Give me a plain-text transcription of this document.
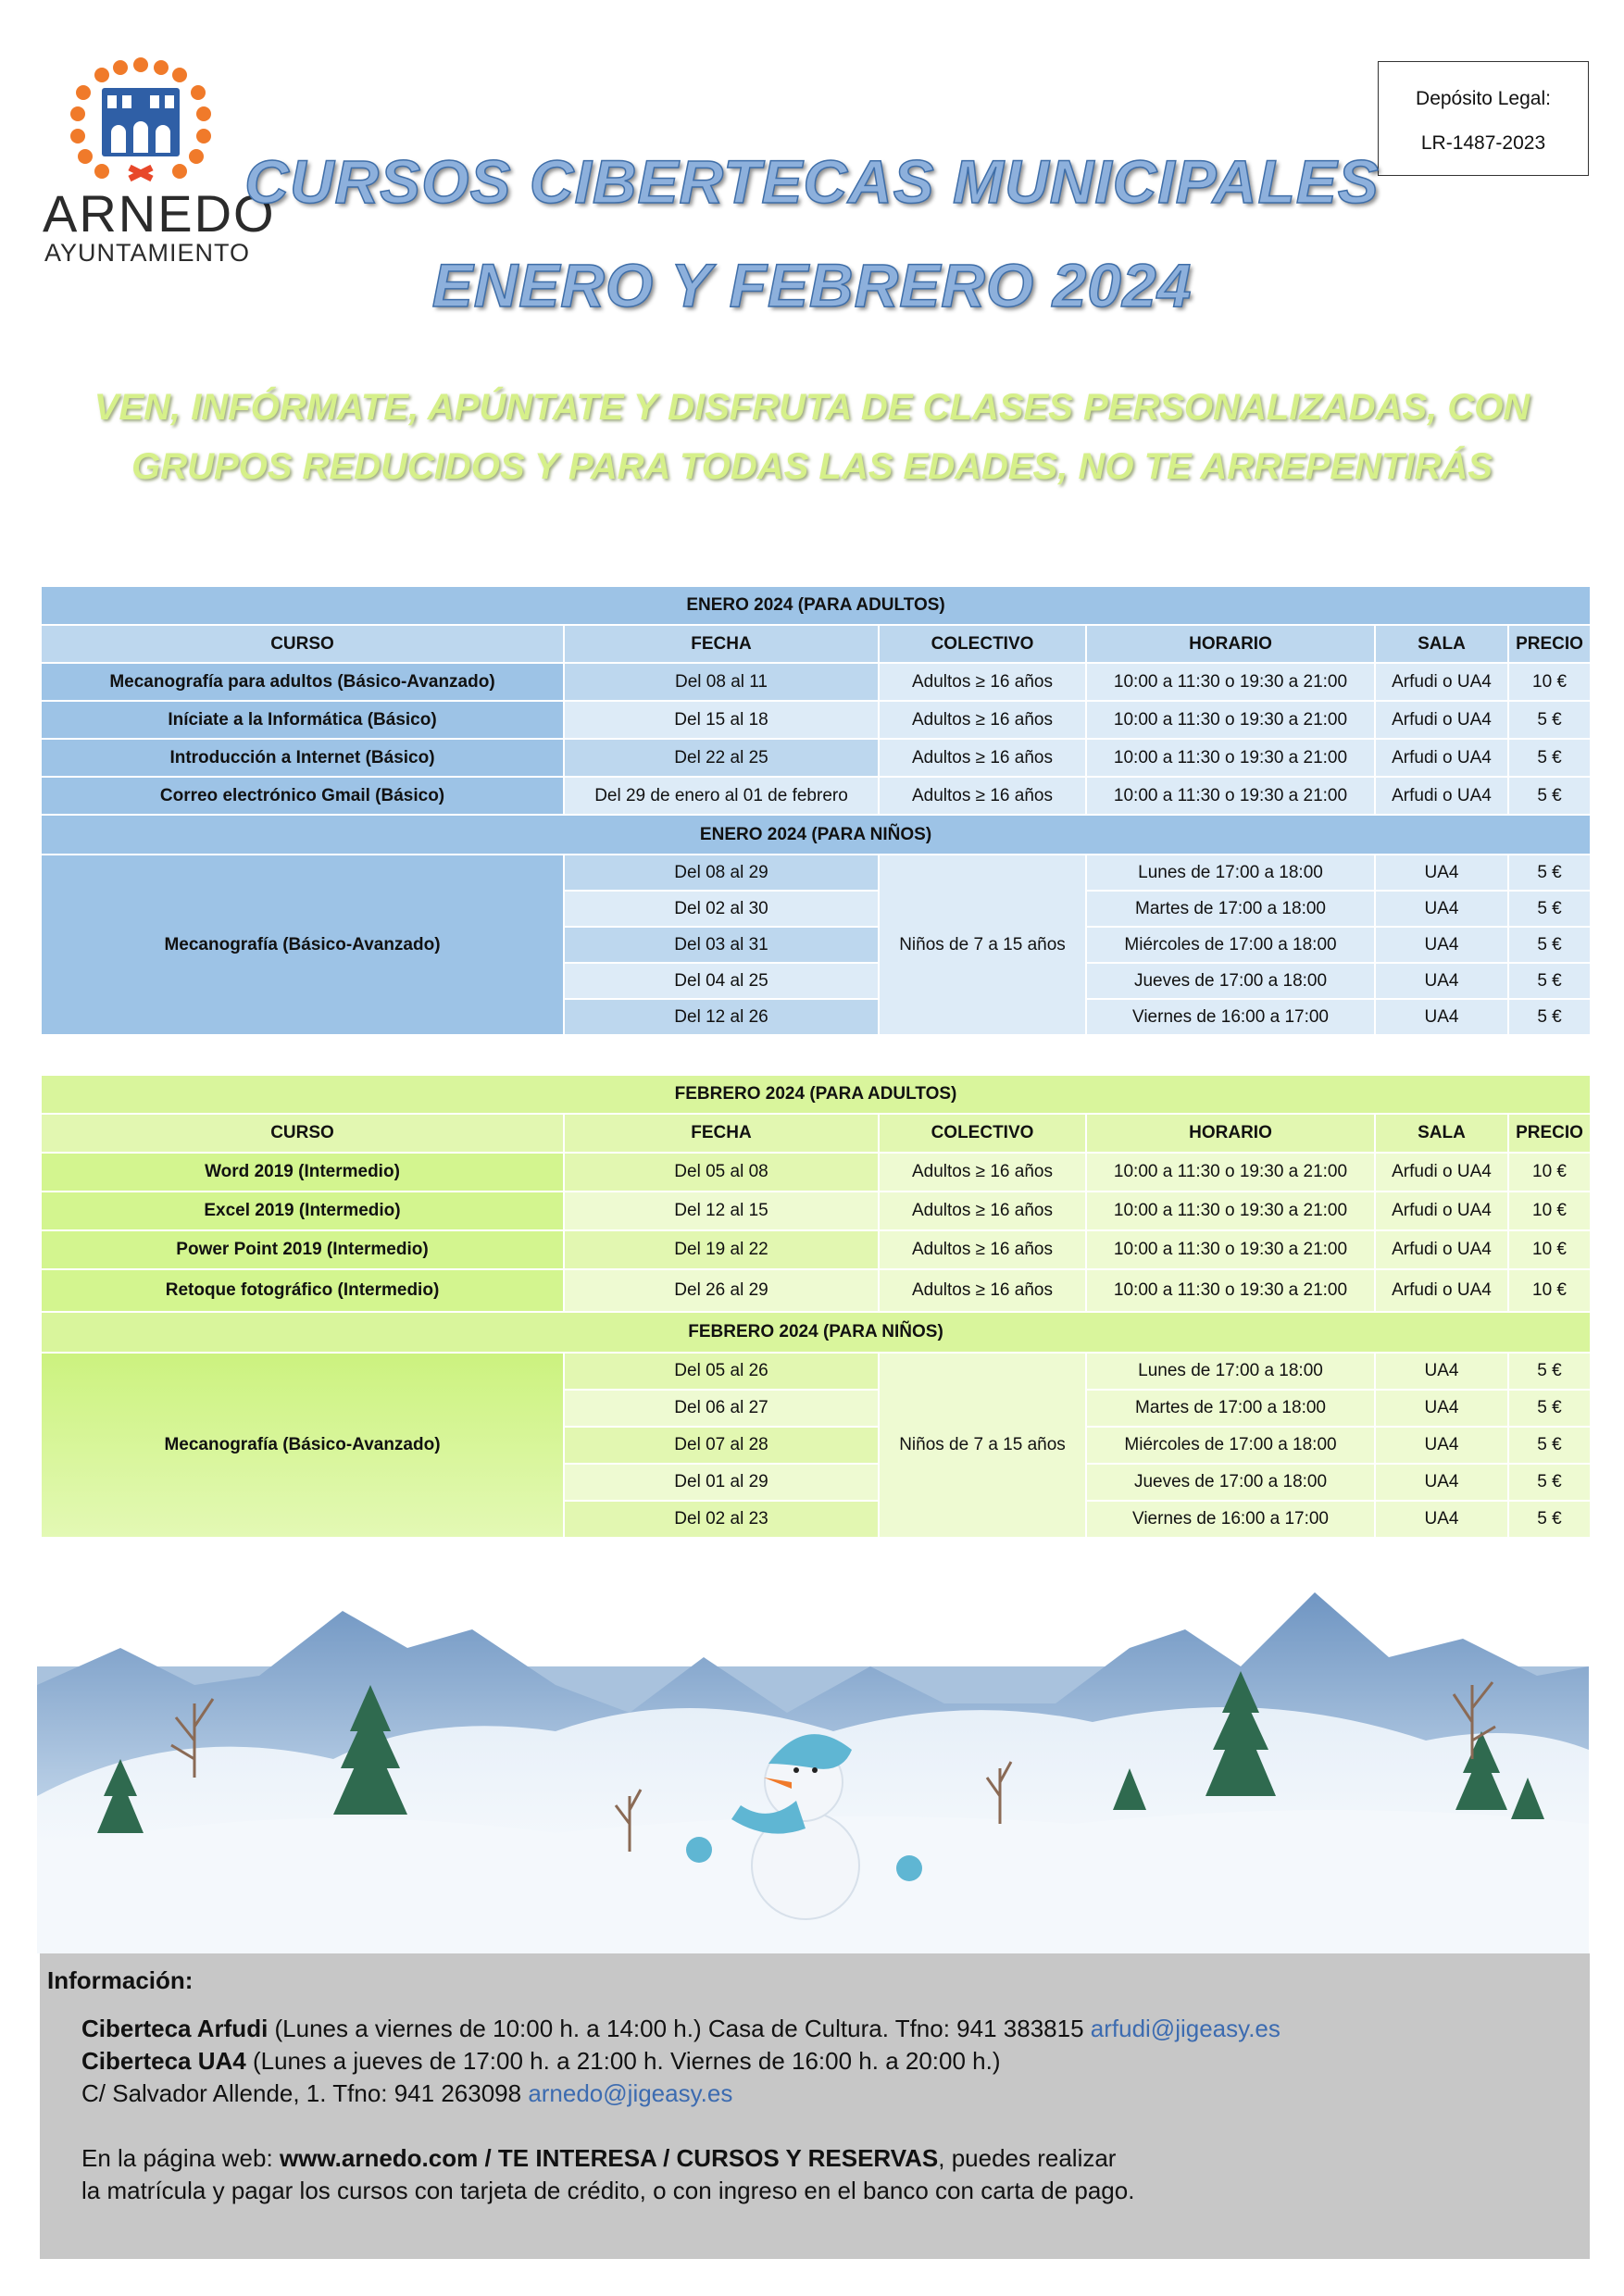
ARNEDO
AYUNTAMIENTO
Depósito Legal:
LR-1487-2023
CURSOS CIBERTECAS MUNICIPALES
ENERO Y FEBRERO 2024
VEN, INFÓRMATE, APÚNTATE Y DISFRUTA DE CLASES PERSONALIZADAS, CON
GRUPOS REDUCIDOS Y PARA TODAS LAS EDADES, NO TE ARREPENTIRÁS
ENERO 2024 (PARA ADULTOS)					
CURSO	FECHA	COLECTIVO	HORARIO	SALA	PRECIO
Mecanografía para adultos (Básico-Avanzado)	Del 08 al 11	Adultos ≥ 16 años	10:00 a 11:30 o 19:30 a 21:00	Arfudi o UA4	10 €
Iníciate a la Informática (Básico)	Del 15 al 18	Adultos ≥ 16 años	10:00 a 11:30 o 19:30 a 21:00	Arfudi o UA4	5 €
Introducción a Internet (Básico)	Del 22 al 25	Adultos ≥ 16 años	10:00 a 11:30 o 19:30 a 21:00	Arfudi o UA4	5 €
Correo electrónico Gmail (Básico)	Del 29 de enero al 01 de febrero	Adultos ≥ 16 años	10:00 a 11:30 o 19:30 a 21:00	Arfudi o UA4	5 €
ENERO 2024 (PARA NIÑOS)					
Mecanografía (Básico-Avanzado)	Del 08 al 29	Niños de 7 a 15 años	Lunes de 17:00 a 18:00	UA4	5 €
	Del 02 al 30		Martes de 17:00 a 18:00	UA4	5 €
	Del 03 al 31		Miércoles de 17:00 a 18:00	UA4	5 €
	Del 04 al 25		Jueves de 17:00 a 18:00	UA4	5 €
	Del 12 al 26		Viernes de 16:00 a 17:00	UA4	5 €
FEBRERO 2024 (PARA ADULTOS)					
CURSO	FECHA	COLECTIVO	HORARIO	SALA	PRECIO
Word 2019 (Intermedio)	Del 05 al 08	Adultos ≥ 16 años	10:00 a 11:30 o 19:30 a 21:00	Arfudi o UA4	10 €
Excel 2019 (Intermedio)	Del 12 al 15	Adultos ≥ 16 años	10:00 a 11:30 o 19:30 a 21:00	Arfudi o UA4	10 €
Power Point 2019 (Intermedio)	Del 19 al 22	Adultos ≥ 16 años	10:00 a 11:30 o 19:30 a 21:00	Arfudi o UA4	10 €
Retoque fotográfico (Intermedio)	Del 26 al 29	Adultos ≥ 16 años	10:00 a 11:30 o 19:30 a 21:00	Arfudi o UA4	10 €
FEBRERO 2024 (PARA NIÑOS)					
Mecanografía (Básico-Avanzado)	Del 05 al 26	Niños de 7 a 15 años	Lunes de 17:00 a 18:00	UA4	5 €
	Del 06 al 27		Martes de 17:00 a 18:00	UA4	5 €
	Del 07 al 28		Miércoles de 17:00 a 18:00	UA4	5 €
	Del 01 al 29		Jueves de 17:00 a 18:00	UA4	5 €
	Del 02 al 23		Viernes de 16:00 a 17:00	UA4	5 €
Información:
Ciberteca Arfudi (Lunes a viernes de 10:00 h. a 14:00 h.) Casa de Cultura. Tfno: 941 383815 arfudi@jigeasy.es
Ciberteca UA4 (Lunes a jueves de 17:00 h. a 21:00 h. Viernes de 16:00 h. a 20:00 h.)
C/ Salvador Allende, 1. Tfno: 941 263098 arnedo@jigeasy.es
En la página web: www.arnedo.com / TE INTERESA / CURSOS Y RESERVAS, puedes realizar
la matrícula y pagar los cursos con tarjeta de crédito, o con ingreso en el banco con carta de pago.
